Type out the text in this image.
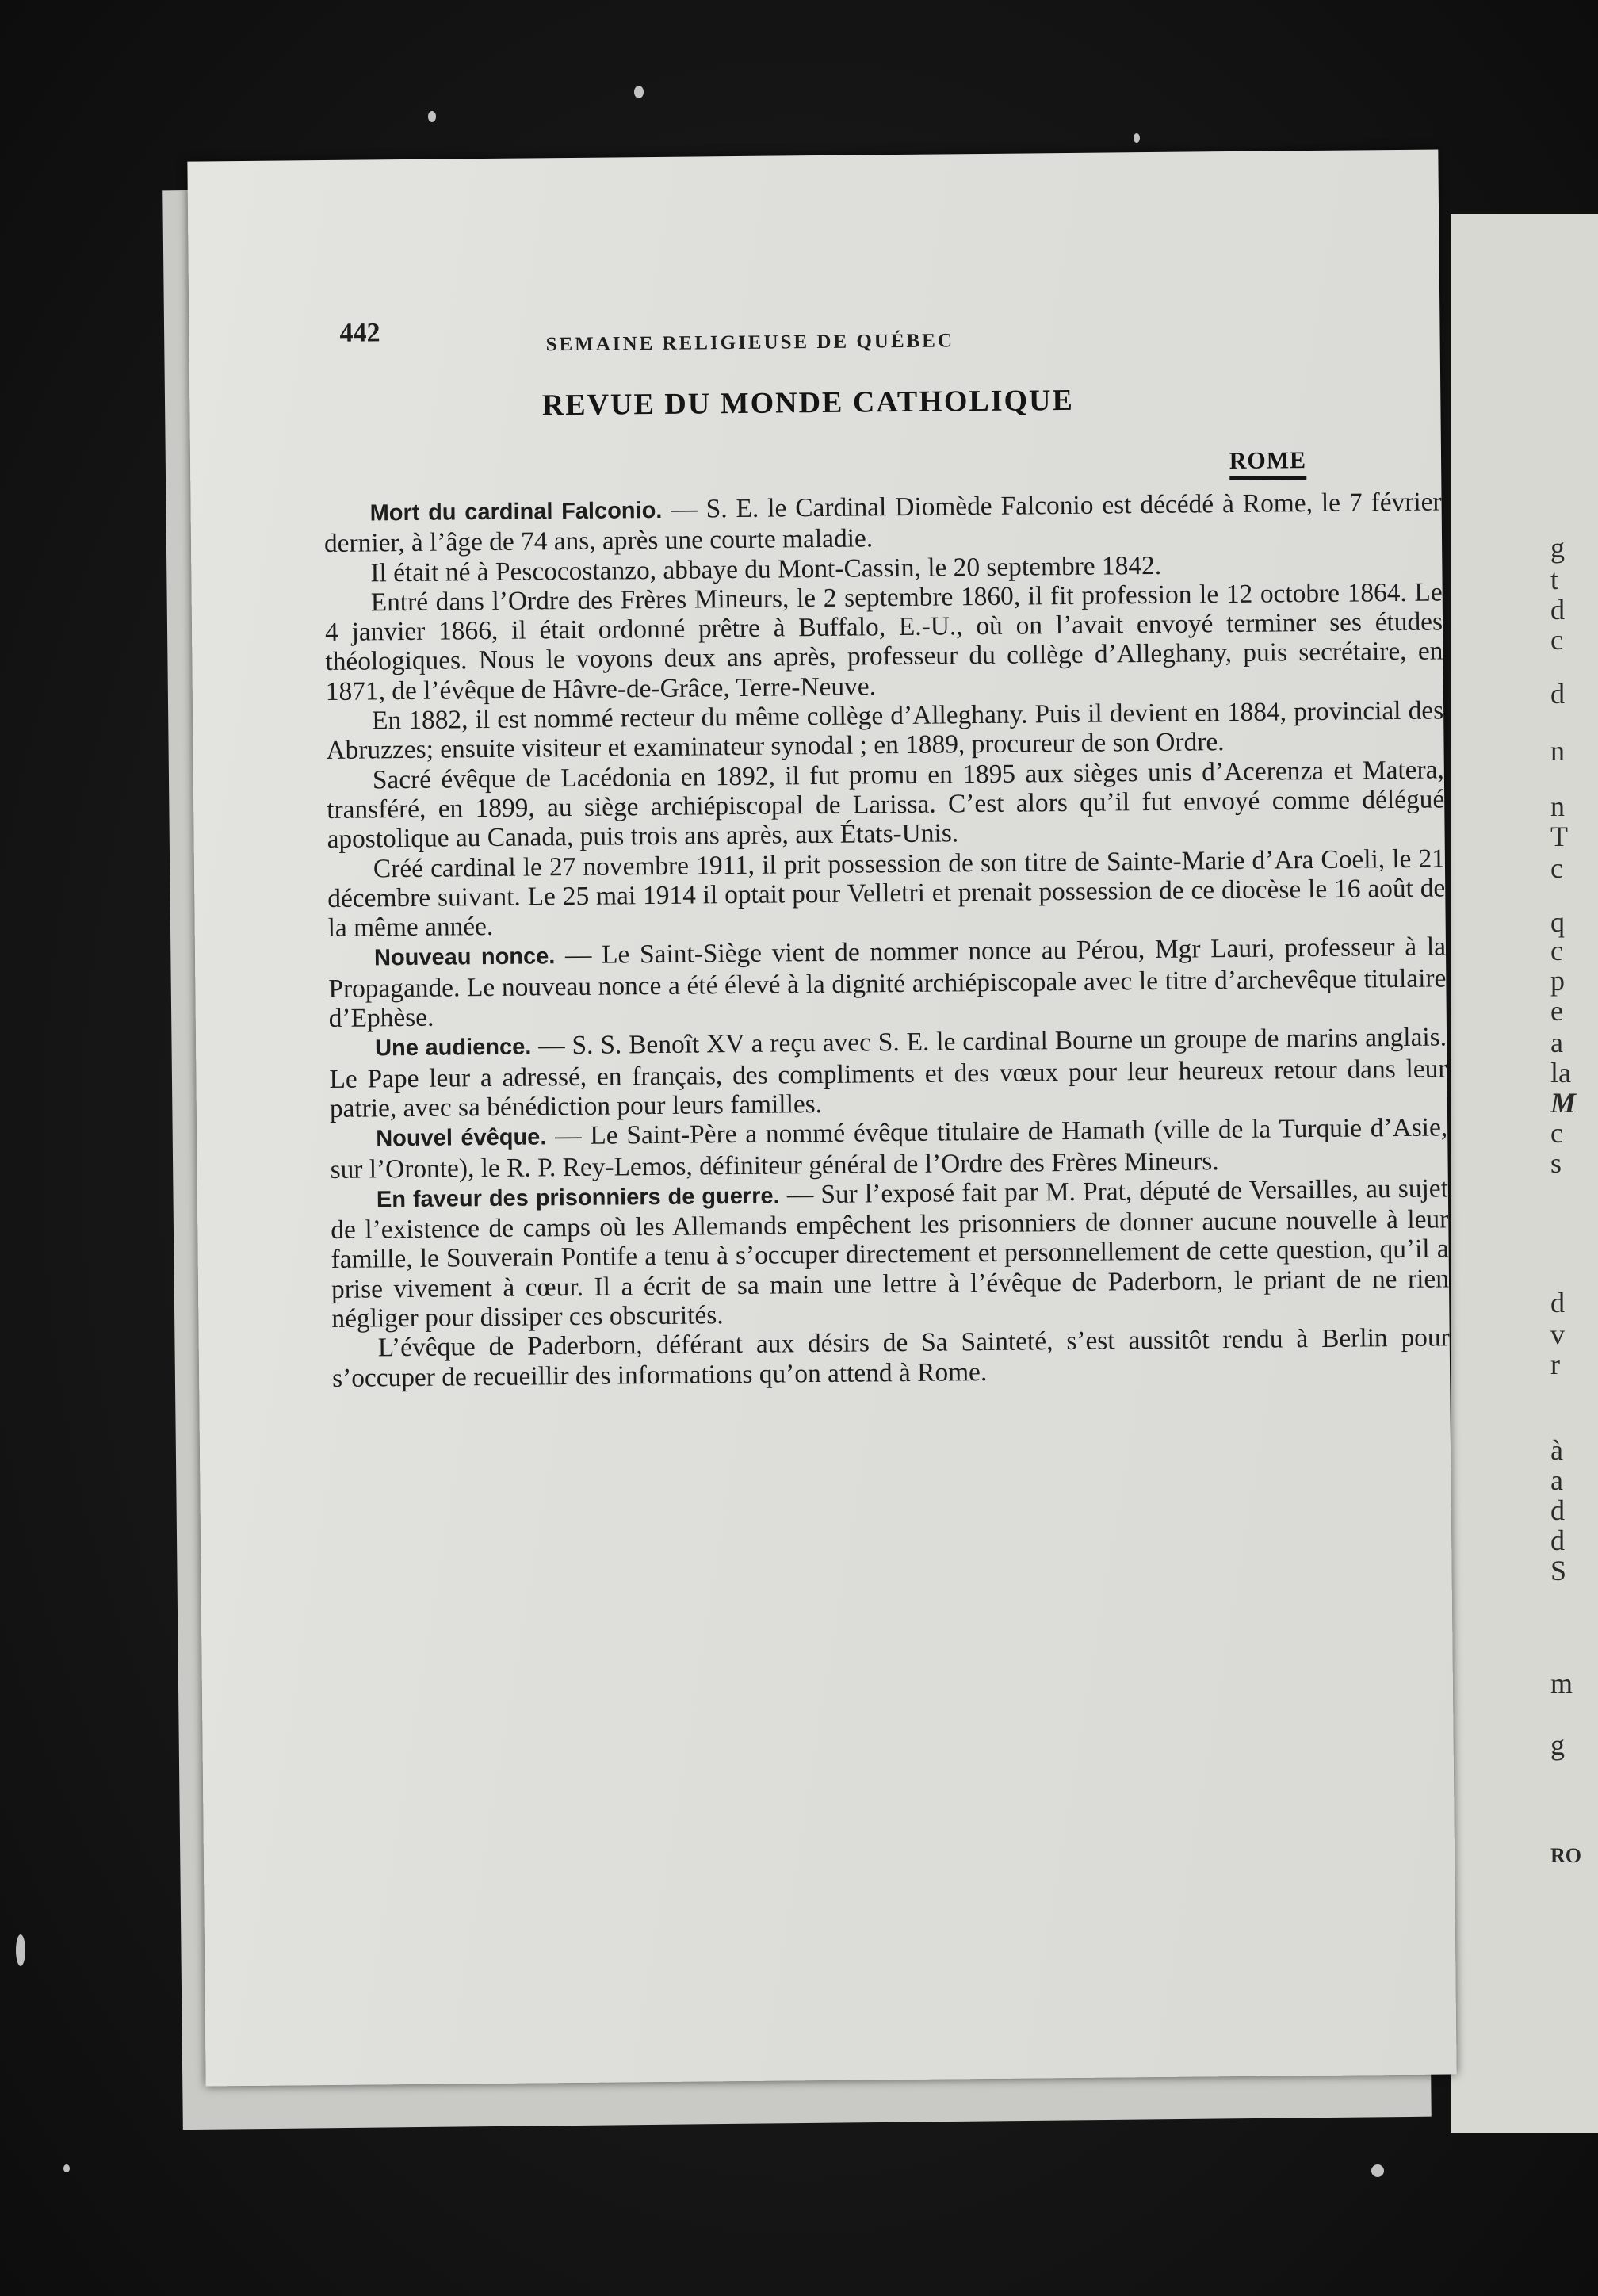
g
t
d
c
d
n
n
T
c
q
c
p
e
a
la
M
c
s
d
v
r
à
a
d
d
S
m
g
RO
442	SEMAINE RELIGIEUSE DE QUÉBEC
REVUE DU MONDE CATHOLIQUE
ROME

Mort du cardinal Falconio. — S. E. le Cardinal Diomède Falconio est décédé à Rome, le 7 février dernier, à l’âge de 74 ans, après une courte maladie.

Il était né à Pescocostanzo, abbaye du Mont-Cassin, le 20 septembre 1842.

Entré dans l’Ordre des Frères Mineurs, le 2 septembre 1860, il fit profession le 12 octobre 1864. Le 4 janvier 1866, il était ordonné prêtre à Buffalo, E.-U., où on l’avait envoyé terminer ses études théologiques. Nous le voyons deux ans après, professeur du collège d’Alleghany, puis secrétaire, en 1871, de l’évêque de Hâvre-de-Grâce, Terre-Neuve.

En 1882, il est nommé recteur du même collège d’Alleghany. Puis il devient en 1884, provincial des Abruzzes; ensuite visiteur et examinateur synodal ; en 1889, procureur de son Ordre.

Sacré évêque de Lacédonia en 1892, il fut promu en 1895 aux sièges unis d’Acerenza et Matera, transféré, en 1899, au siège archiépiscopal de Larissa. C’est alors qu’il fut envoyé comme délégué apostolique au Canada, puis trois ans après, aux États-Unis.

Créé cardinal le 27 novembre 1911, il prit possession de son titre de Sainte-Marie d’Ara Coeli, le 21 décembre suivant. Le 25 mai 1914 il optait pour Velletri et prenait possession de ce diocèse le 16 août de la même année.

Nouveau nonce. — Le Saint-Siège vient de nommer nonce au Pérou, Mgr Lauri, professeur à la Propagande. Le nouveau nonce a été élevé à la dignité archiépiscopale avec le titre d’archevêque titulaire d’Ephèse.

Une audience. — S. S. Benoît XV a reçu avec S. E. le cardinal Bourne un groupe de marins anglais. Le Pape leur a adressé, en français, des compliments et des vœux pour leur heureux retour dans leur patrie, avec sa bénédiction pour leurs familles.

Nouvel évêque. — Le Saint-Père a nommé évêque titulaire de Hamath (ville de la Turquie d’Asie, sur l’Oronte), le R. P. Rey-Lemos, définiteur général de l’Ordre des Frères Mineurs.

En faveur des prisonniers de guerre. — Sur l’exposé fait par M. Prat, député de Versailles, au sujet de l’existence de camps où les Allemands empêchent les prisonniers de donner aucune nouvelle à leur famille, le Souverain Pontife a tenu à s’occuper directement et personnellement de cette question, qu’il a prise vivement à cœur. Il a écrit de sa main une lettre à l’évêque de Paderborn, le priant de ne rien négliger pour dissiper ces obscurités.

L’évêque de Paderborn, déférant aux désirs de Sa Sainteté, s’est aussitôt rendu à Berlin pour s’occuper de recueillir des informations qu’on attend à Rome.
